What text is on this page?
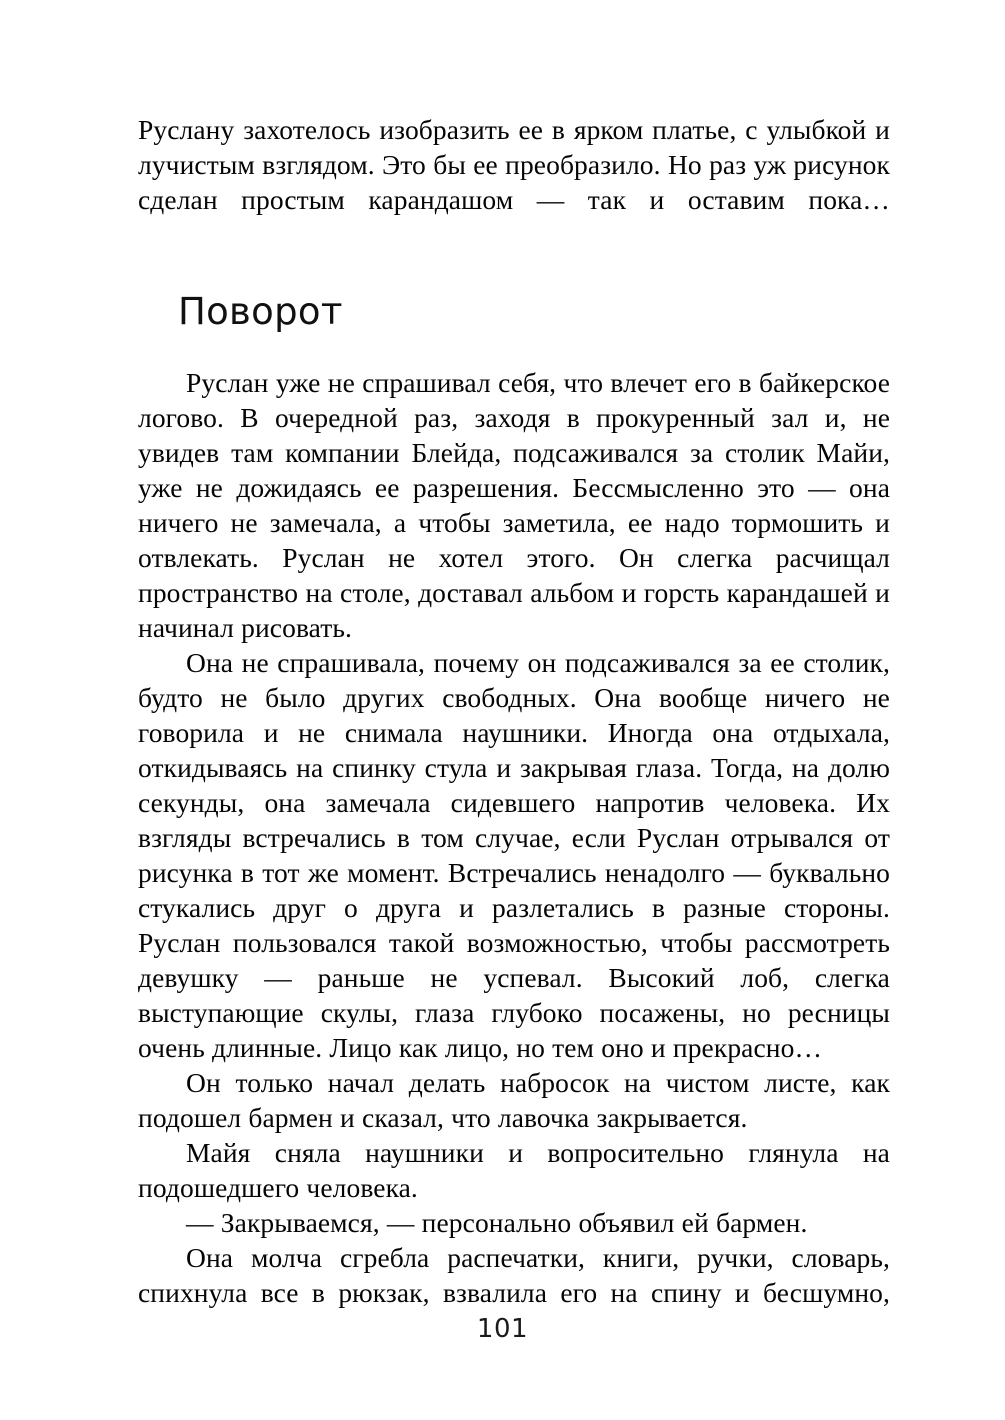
Руслану захотелось изобразить ее в ярком платье, с улыбкой и лучистым взглядом. Это бы ее преобразило. Но раз уж рисунок сделан простым карандашом — так и оставим пока…

Поворот

Руслан уже не спрашивал себя, что влечет его в байкерское логово. В очередной раз, заходя в прокуренный зал и, не увидев там компании Блейда, подсаживался за столик Майи, уже не дожидаясь ее разрешения. Бессмысленно это — она ничего не замечала, а чтобы заметила, ее надо тормошить и отвлекать. Руслан не хотел этого. Он слегка расчищал пространство на столе, доставал альбом и горсть карандашей и начинал рисовать.

Она не спрашивала, почему он подсаживался за ее столик, будто не было других свободных. Она вообще ничего не говорила и не снимала наушники. Иногда она отдыхала, откидываясь на спинку стула и закрывая глаза. Тогда, на долю секунды, она замечала сидевшего напротив человека. Их взгляды встречались в том случае, если Руслан отрывался от рисунка в тот же момент. Встречались ненадолго — буквально стукались друг о друга и разлетались в разные стороны. Руслан пользовался такой возможностью, чтобы рассмотреть девушку — раньше не успевал. Высокий лоб, слегка выступающие скулы, глаза глубоко посажены, но ресницы очень длинные. Лицо как лицо, но тем оно и прекрасно…

Он только начал делать набросок на чистом листе, как подошел бармен и сказал, что лавочка закрывается.

Майя сняла наушники и вопросительно глянула на подошедшего человека.

— Закрываемся, — персонально объявил ей бармен.

Она молча сгребла распечатки, книги, ручки, словарь, спихнула все в рюкзак, взвалила его на спину и бесшумно,

101
